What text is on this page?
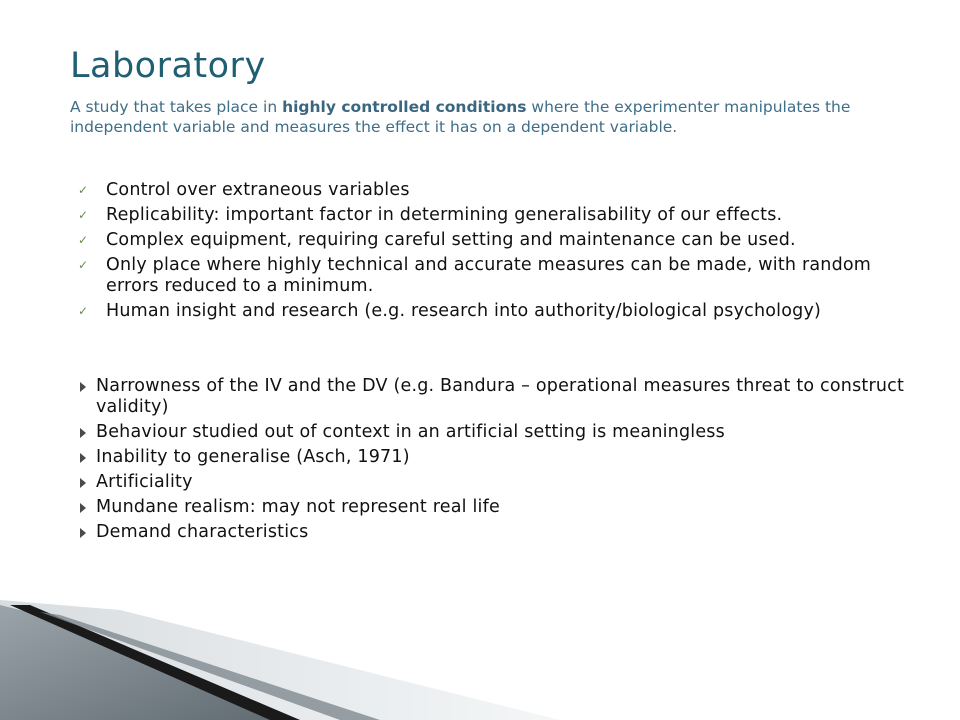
Laboratory

A study that takes place in highly controlled conditions where the experimenter manipulates the independent variable and measures the effect it has on a dependent variable.

✓ Control over extraneous variables
✓ Replicability: important factor in determining generalisability of our effects.
✓ Complex equipment, requiring careful setting and maintenance can be used.
✓ Only place where highly technical and accurate measures can be made, with random errors reduced to a minimum.
✓ Human insight and research (e.g. research into authority/biological psychology)
Narrowness of the IV and the DV (e.g. Bandura – operational measures threat to construct validity)
Behaviour studied out of context in an artificial setting is meaningless
Inability to generalise (Asch, 1971)
Artificiality
Mundane realism: may not represent real life
Demand characteristics
